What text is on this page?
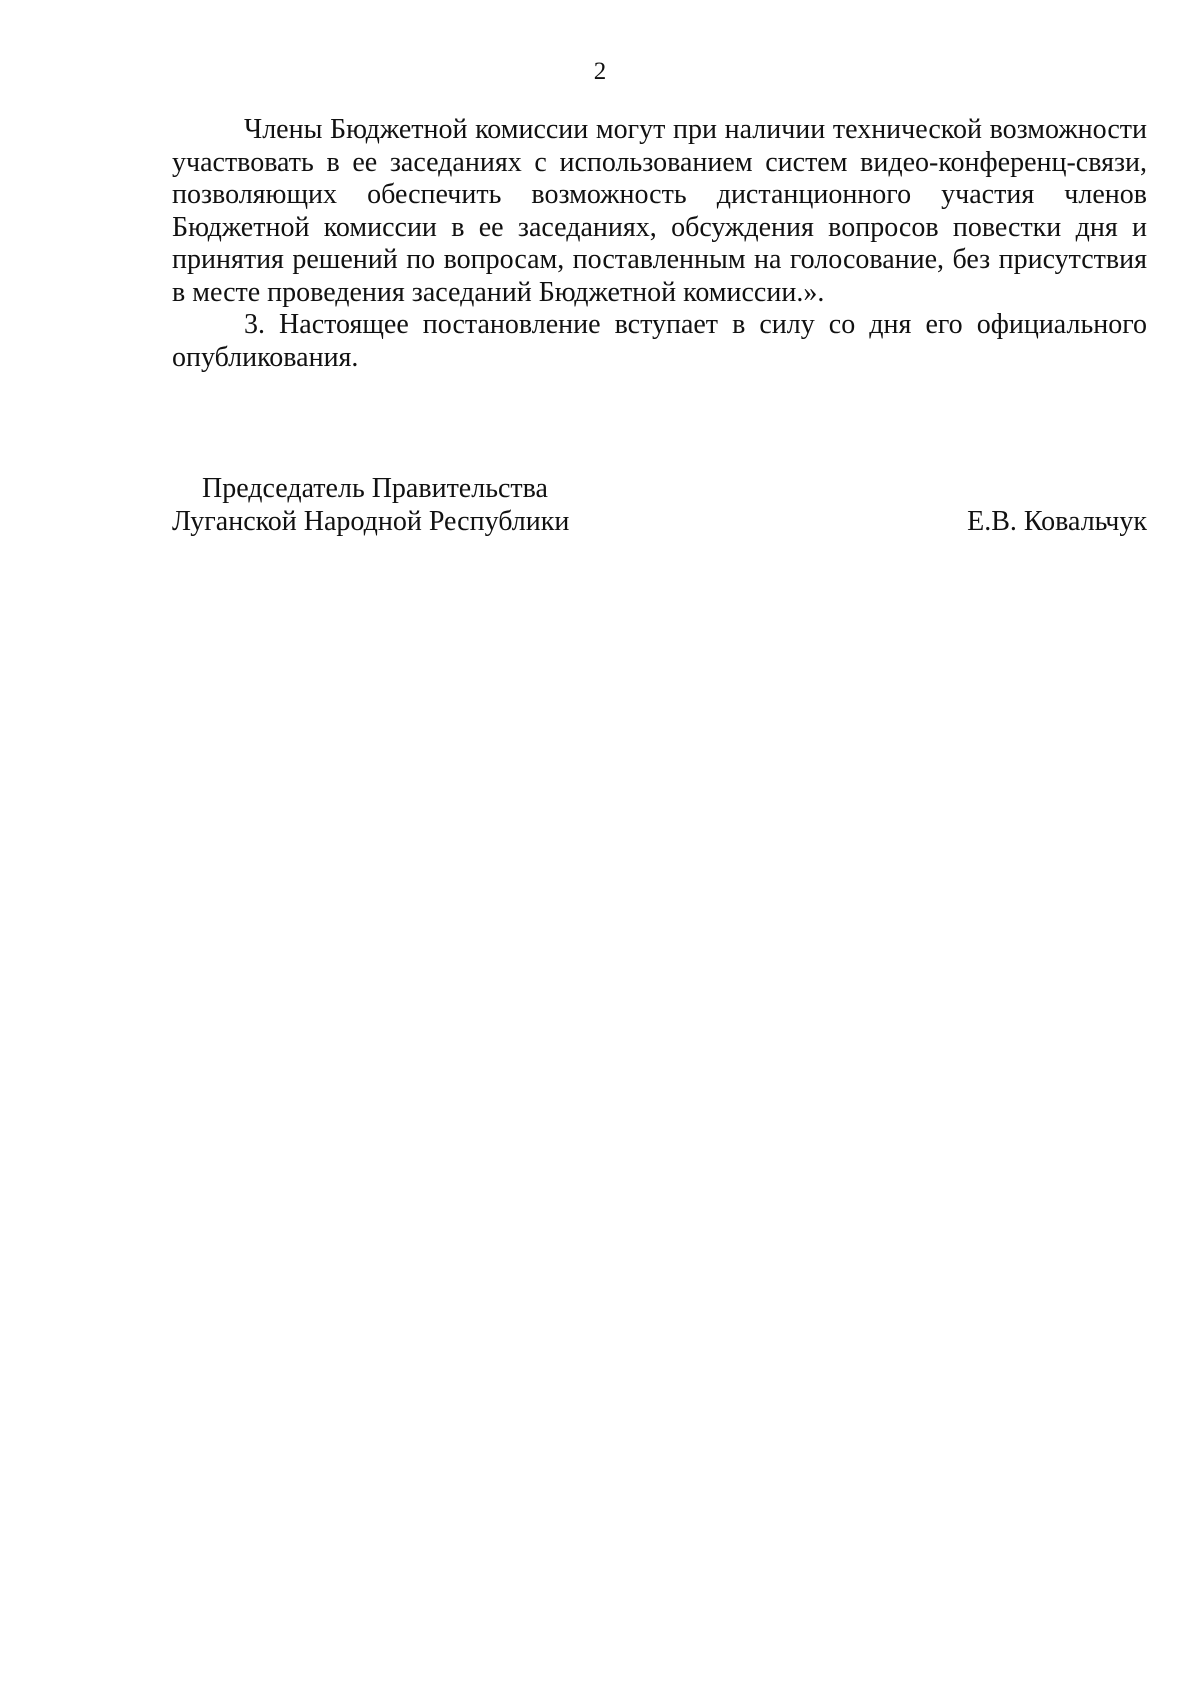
2

Члены Бюджетной комиссии могут при наличии технической возможности участвовать в ее заседаниях с использованием систем видео-конференц-связи, позволяющих обеспечить возможность дистанционного участия членов Бюджетной комиссии в ее заседаниях, обсуждения вопросов повестки дня и принятия решений по вопросам, поставленным на голосование, без присутствия в месте проведения заседаний Бюджетной комиссии.».

3. Настоящее постановление вступает в силу со дня его официального опубликования.

Председатель Правительства
Луганской Народной Республики	Е.В. Ковальчук
